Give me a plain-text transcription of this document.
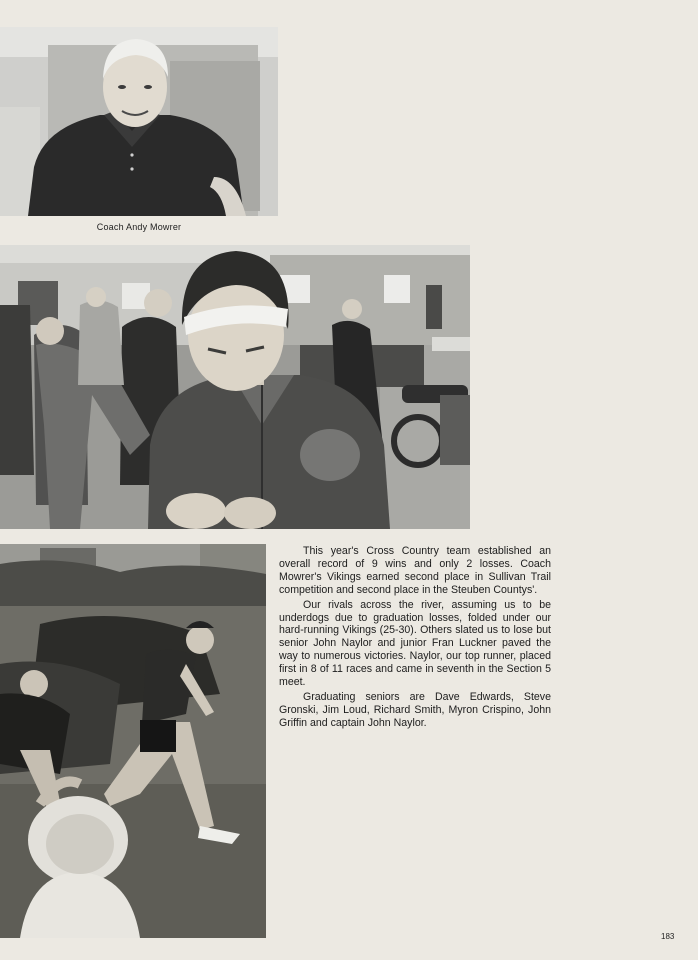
Coach Andy Mowrer

This year's Cross Country team established an overall record of 9 wins and only 2 losses. Coach Mowrer's Vikings earned second place in Sullivan Trail competition and second place in the Steuben Countys'.

Our rivals across the river, assuming us to be underdogs due to graduation losses, folded under our hard-running Vikings (25-30). Others slated us to lose but senior John Naylor and junior Fran Luckner paved the way to numerous victories. Naylor, our top runner, placed first in 8 of 11 races and came in seventh in the Section 5 meet.

Graduating seniors are Dave Edwards, Steve Gronski, Jim Loud, Richard Smith, Myron Crispino, John Griffin and captain John Naylor.

183
